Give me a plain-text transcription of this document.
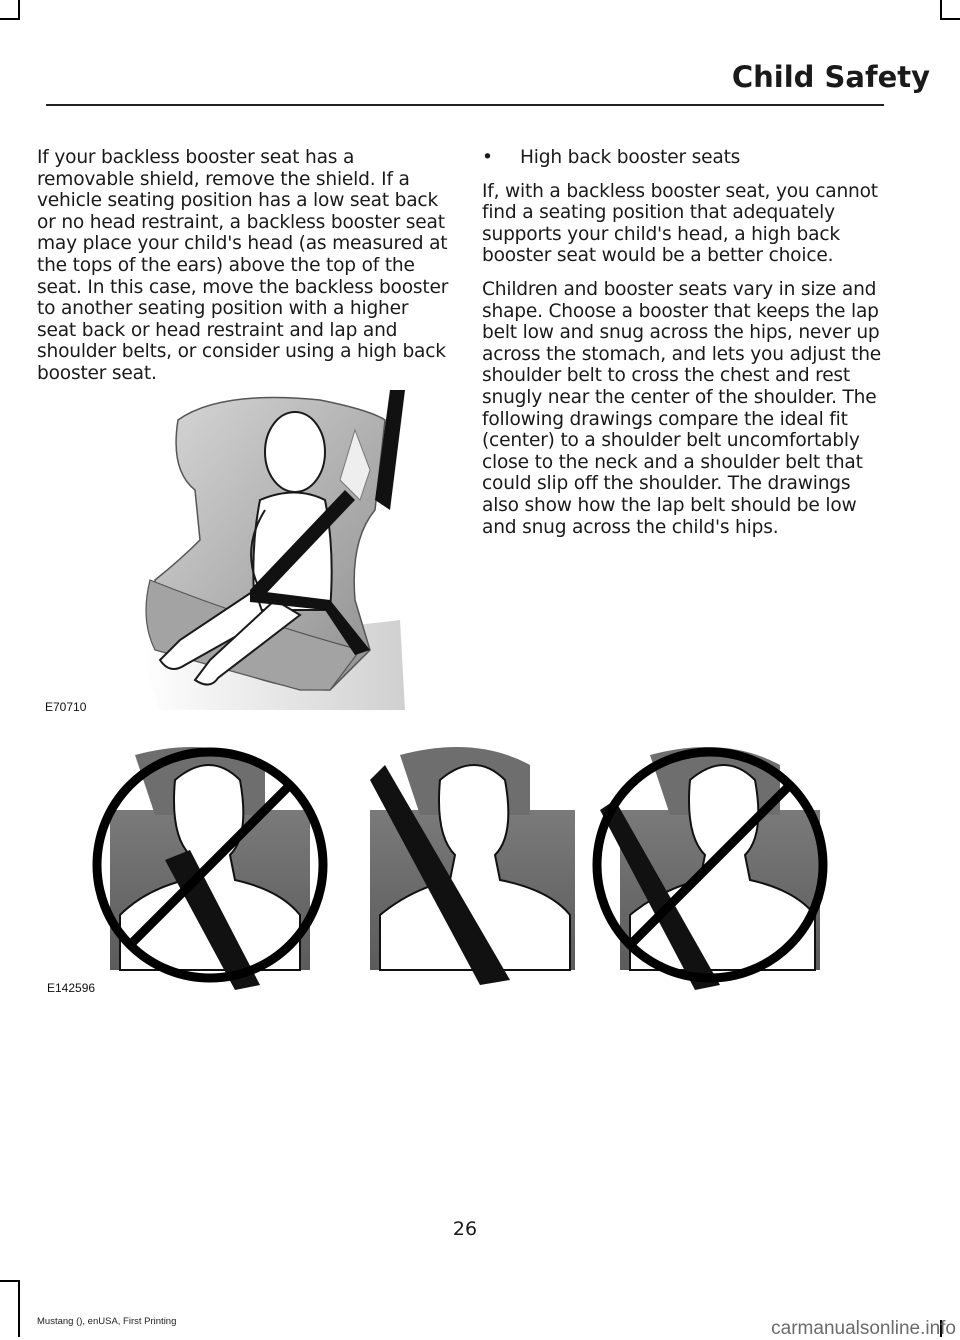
Child Safety

If your backless booster seat has a removable shield, remove the shield. If a vehicle seating position has a low seat back or no head restraint, a backless booster seat may place your child's head (as measured at the tops of the ears) above the top of the seat. In this case, move the backless booster to another seating position with a higher seat back or head restraint and lap and shoulder belts, or consider using a high back booster seat.

E70710
•	High back booster seats

If, with a backless booster seat, you cannot find a seating position that adequately supports your child's head, a high back booster seat would be a better choice.

Children and booster seats vary in size and shape. Choose a booster that keeps the lap belt low and snug across the hips, never up across the stomach, and lets you adjust the shoulder belt to cross the chest and rest snugly near the center of the shoulder. The following drawings compare the ideal fit (center) to a shoulder belt uncomfortably close to the neck and a shoulder belt that could slip off the shoulder. The drawings also show how the lap belt should be low and snug across the child's hips.

E142596
26
Mustang (), enUSA, First Printing	carmanualsonline.info
